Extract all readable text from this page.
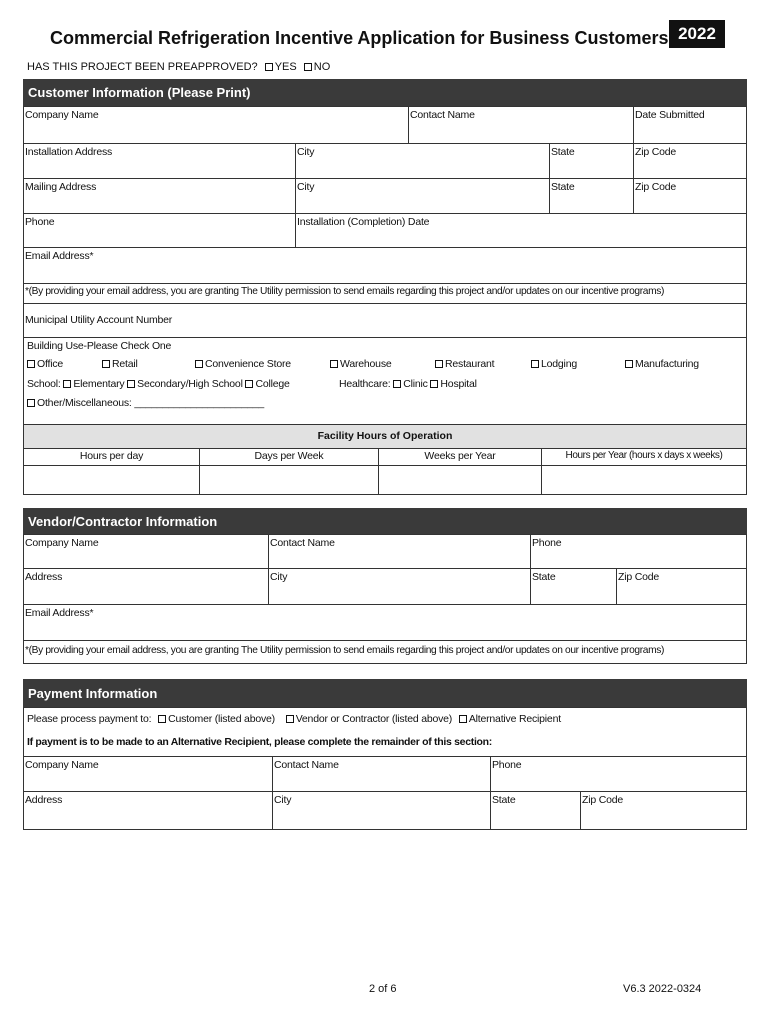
Commercial Refrigeration Incentive Application for Business Customers 2022
HAS THIS PROJECT BEEN PREAPPROVED? YES NO
Customer Information (Please Print)
Company Name	Contact Name	Date Submitted
Installation Address	City	State	Zip Code
Mailing Address	City	State	Zip Code
Phone	Installation (Completion) Date
Email Address*
*(By providing your email address, you are granting The Utility permission to send emails regarding this project and/or updates on our incentive programs)
Municipal Utility Account Number
Building Use-Please Check One
Office	Retail	Convenience Store	Warehouse	Restaurant	Lodging	Manufacturing
School: Elementary Secondary/High School College	Healthcare: Clinic Hospital
Other/Miscellaneous: _______________________
Facility Hours of Operation
Hours per day	Days per Week	Weeks per Year	Hours per Year (hours x days x weeks)
Vendor/Contractor Information
Company Name	Contact Name	Phone
Address	City	State	Zip Code
Email Address*
*(By providing your email address, you are granting The Utility permission to send emails regarding this project and/or updates on our incentive programs)
Payment Information
Please process payment to: Customer (listed above) Vendor or Contractor (listed above) Alternative Recipient
If payment is to be made to an Alternative Recipient, please complete the remainder of this section:
Company Name	Contact Name	Phone
Address	City	State	Zip Code
2 of 6	V6.3 2022-0324
